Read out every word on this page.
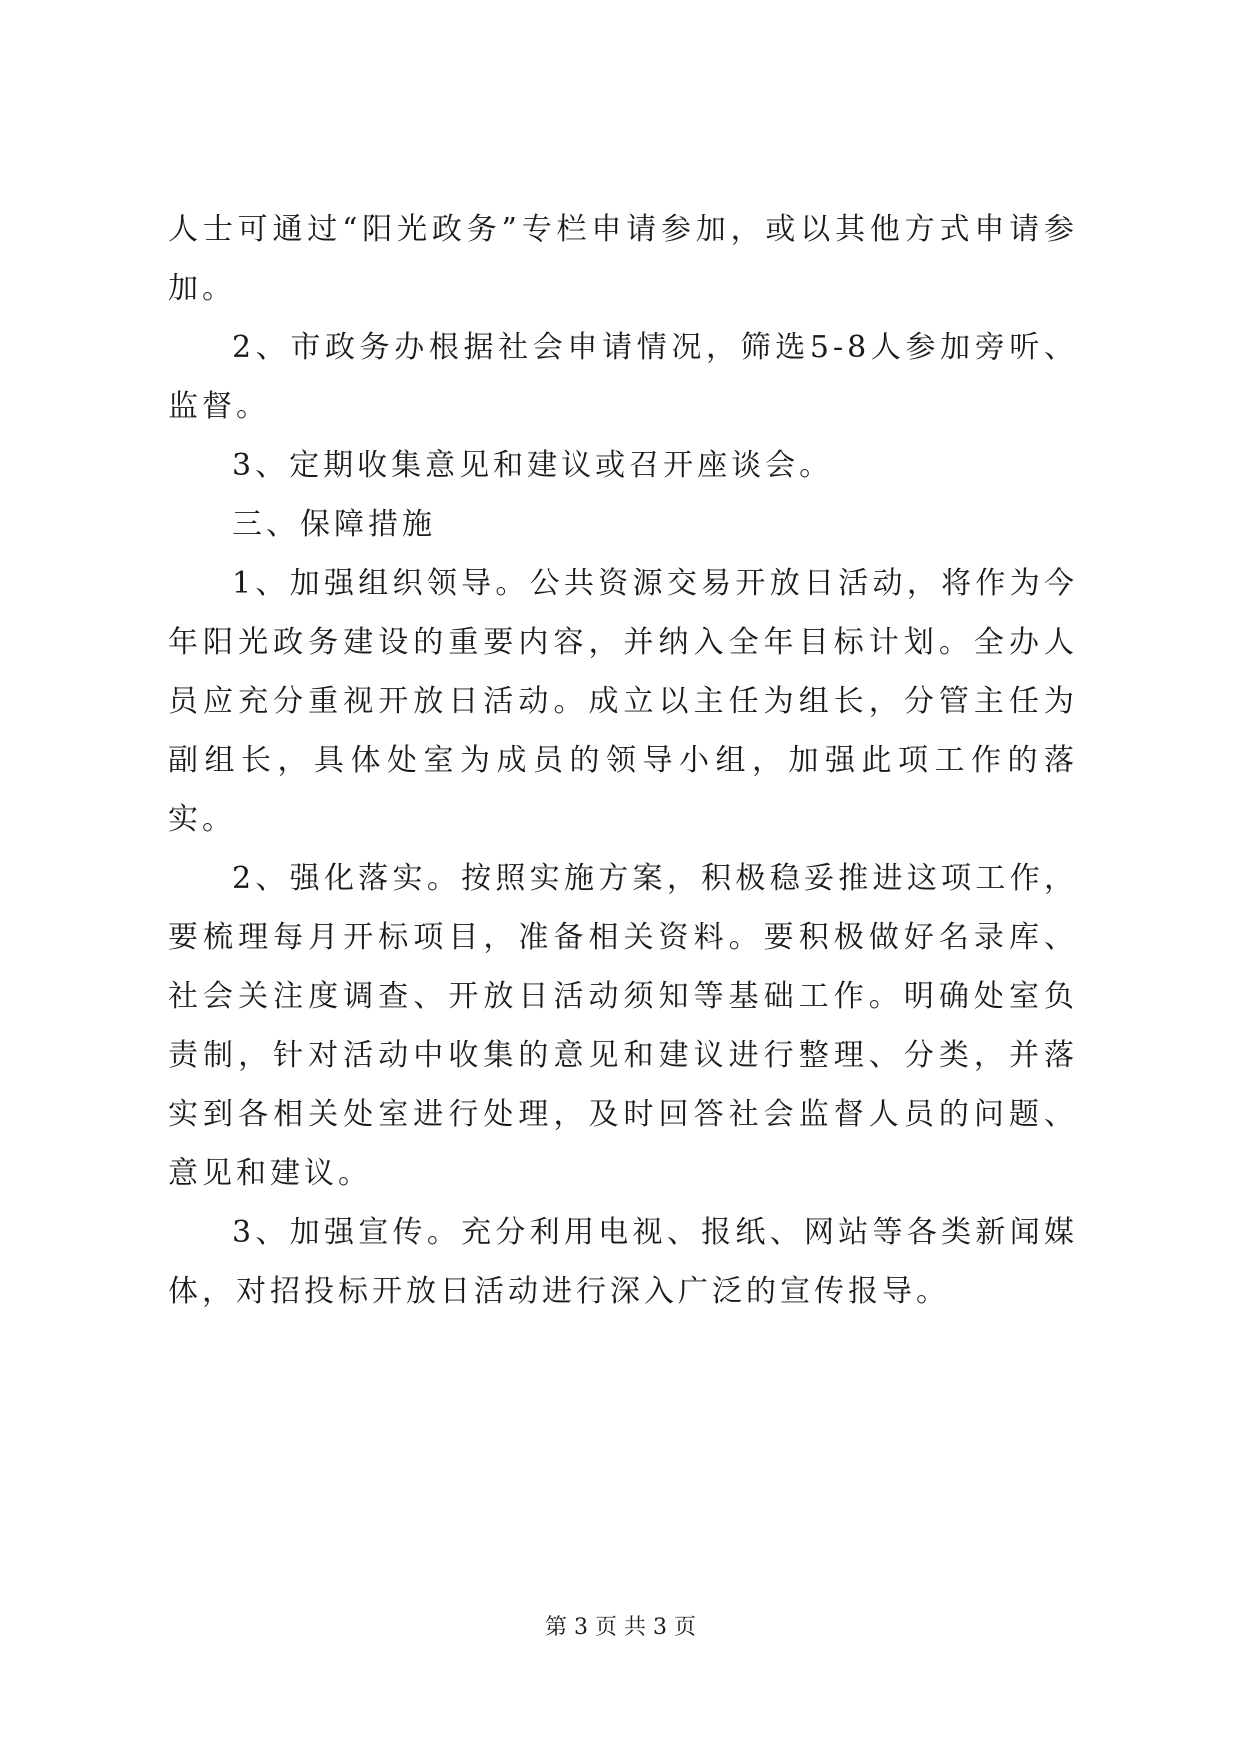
人士可通过“阳光政务”专栏申请参加，或以其他方式申请参加。

2、市政务办根据社会申请情况，筛选5-8人参加旁听、监督。

3、定期收集意见和建议或召开座谈会。

三、保障措施

1、加强组织领导。公共资源交易开放日活动，将作为今年阳光政务建设的重要内容，并纳入全年目标计划。全办人员应充分重视开放日活动。成立以主任为组长，分管主任为副组长，具体处室为成员的领导小组，加强此项工作的落实。

2、强化落实。按照实施方案，积极稳妥推进这项工作，要梳理每月开标项目，准备相关资料。要积极做好名录库、社会关注度调查、开放日活动须知等基础工作。明确处室负责制，针对活动中收集的意见和建议进行整理、分类，并落实到各相关处室进行处理，及时回答社会监督人员的问题、意见和建议。

3、加强宣传。充分利用电视、报纸、网站等各类新闻媒体，对招投标开放日活动进行深入广泛的宣传报导。

第 3 页 共 3 页
